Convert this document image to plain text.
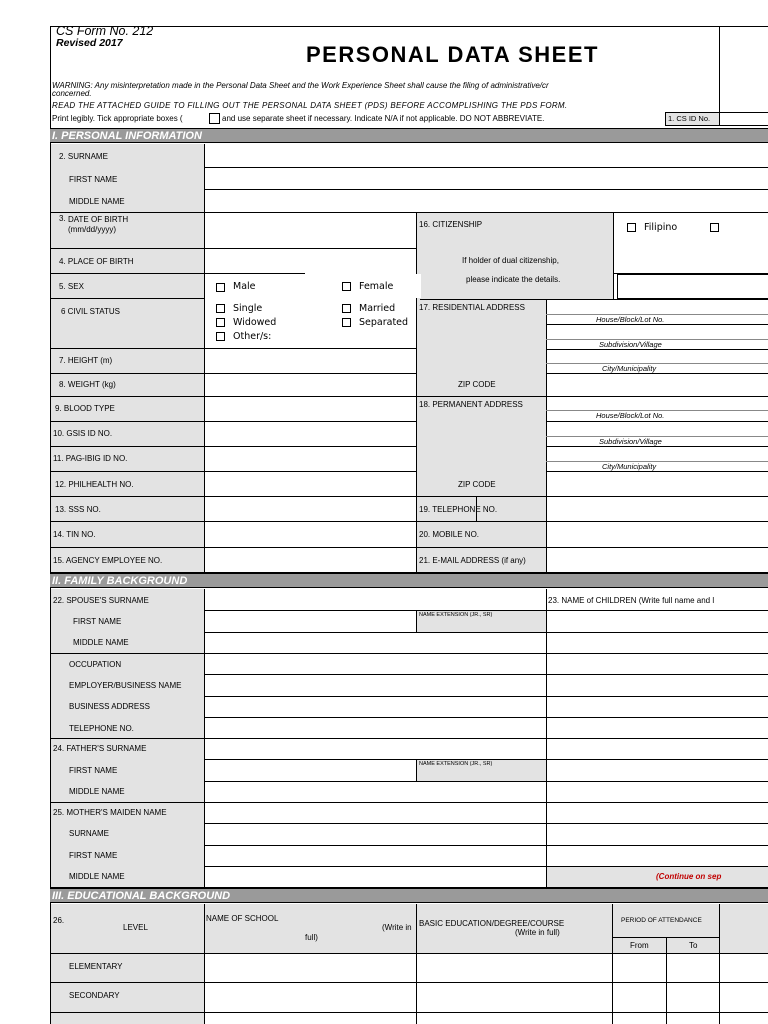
CS Form No. 212
Revised 2017	PERSONAL DATA SHEET
WARNING: Any misinterpretation made in the Personal Data Sheet and the Work Experience Sheet shall cause the filing of administrative/cr
concerned.
READ THE ATTACHED GUIDE TO FILLING OUT THE PERSONAL DATA SHEET (PDS) BEFORE ACCOMPLISHING THE PDS FORM.
Print legibly. Tick appropriate boxes (	and use separate sheet if necessary. Indicate N/A if not applicable. DO NOT ABBREVIATE.	1. CS ID No.
I. PERSONAL INFORMATION
2. SURNAME
FIRST NAME
MIDDLE NAME
3. DATE OF BIRTH
(mm/dd/yyyy)
16. CITIZENSHIP	Filipino
If holder of dual citizenship,
please indicate the details.
4. PLACE OF BIRTH
5. SEX	Male	Female
6 CIVIL STATUS	Single	Married
Widowed	Separated
Other/s:
17. RESIDENTIAL ADDRESS
House/Block/Lot No.
Subdivision/Village
City/Municipality
7. HEIGHT (m)
8. WEIGHT (kg)	ZIP CODE
9. BLOOD TYPE	18. PERMANENT ADDRESS
House/Block/Lot No.
Subdivision/Village
City/Municipality
10. GSIS ID NO.
11. PAG-IBIG ID NO.
12. PHILHEALTH NO.	ZIP CODE
13. SSS NO.	19. TELEPHONE NO.
14. TIN NO.	20. MOBILE NO.
15. AGENCY EMPLOYEE NO.	21. E-MAIL ADDRESS (if any)
II. FAMILY BACKGROUND
22. SPOUSE'S SURNAME	23. NAME of CHILDREN (Write full name and l
FIRST NAME
NAME EXTENSION (JR., SR)
MIDDLE NAME
OCCUPATION
EMPLOYER/BUSINESS NAME
BUSINESS ADDRESS
TELEPHONE NO.
24. FATHER'S SURNAME
FIRST NAME
NAME EXTENSION (JR., SR)
MIDDLE NAME
25. MOTHER'S MAIDEN NAME
SURNAME
FIRST NAME
MIDDLE NAME	(Continue on sep
III. EDUCATIONAL BACKGROUND
26.
LEVEL
NAME OF SCHOOL
(Write in
full)
BASIC EDUCATION/DEGREE/COURSE
(Write in full)
PERIOD OF ATTENDANCE
From	To
ELEMENTARY
SECONDARY
